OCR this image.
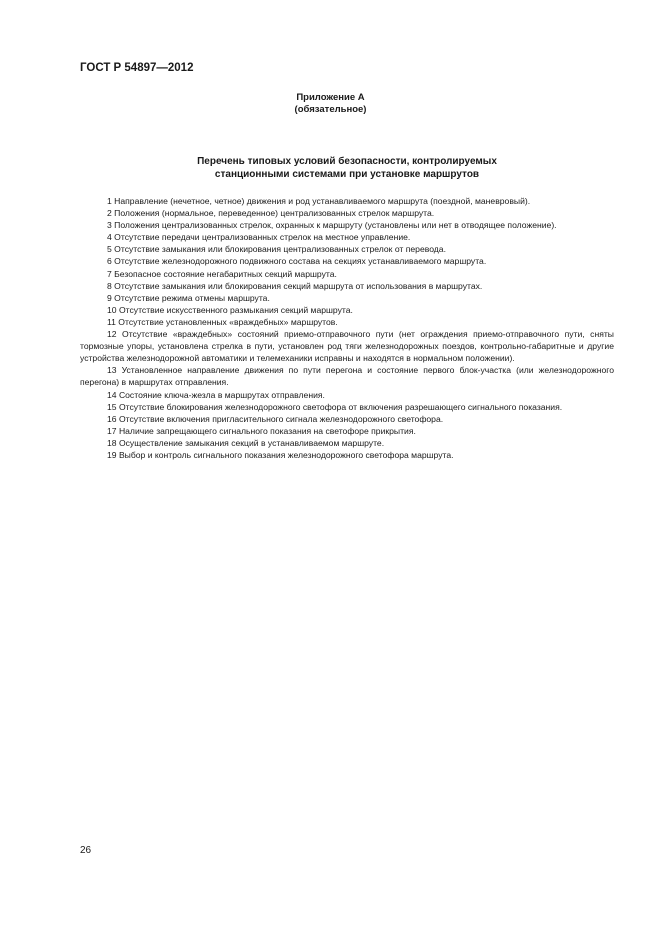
ГОСТ Р 54897—2012
Приложение А
(обязательное)
Перечень типовых условий безопасности, контролируемых
станционными системами при установке маршрутов
1 Направление (нечетное, четное) движения и род устанавливаемого маршрута (поездной, маневровый).
2 Положения (нормальное, переведенное) централизованных стрелок маршрута.
3 Положения централизованных стрелок, охранных к маршруту (установлены или нет в отводящее положение).
4 Отсутствие передачи централизованных стрелок на местное управление.
5 Отсутствие замыкания или блокирования централизованных стрелок от перевода.
6 Отсутствие железнодорожного подвижного состава на секциях устанавливаемого маршрута.
7 Безопасное состояние негабаритных секций маршрута.
8 Отсутствие замыкания или блокирования секций маршрута от использования в маршрутах.
9 Отсутствие режима отмены маршрута.
10 Отсутствие искусственного размыкания секций маршрута.
11 Отсутствие установленных «враждебных» маршрутов.
12 Отсутствие «враждебных» состояний приемо-отправочного пути (нет ограждения приемо-отправочного пути, сняты тормозные упоры, установлена стрелка в пути, установлен род тяги железнодорожных поездов, контрольно-габаритные и другие устройства железнодорожной автоматики и телемеханики исправны и находятся в нормальном положении).
13 Установленное направление движения по пути перегона и состояние первого блок-участка (или железнодорожного перегона) в маршрутах отправления.
14 Состояние ключа-жезла в маршрутах отправления.
15 Отсутствие блокирования железнодорожного светофора от включения разрешающего сигнального показания.
16 Отсутствие включения пригласительного сигнала железнодорожного светофора.
17 Наличие запрещающего сигнального показания на светофоре прикрытия.
18 Осуществление замыкания секций в устанавливаемом маршруте.
19 Выбор и контроль сигнального показания железнодорожного светофора маршрута.
26
